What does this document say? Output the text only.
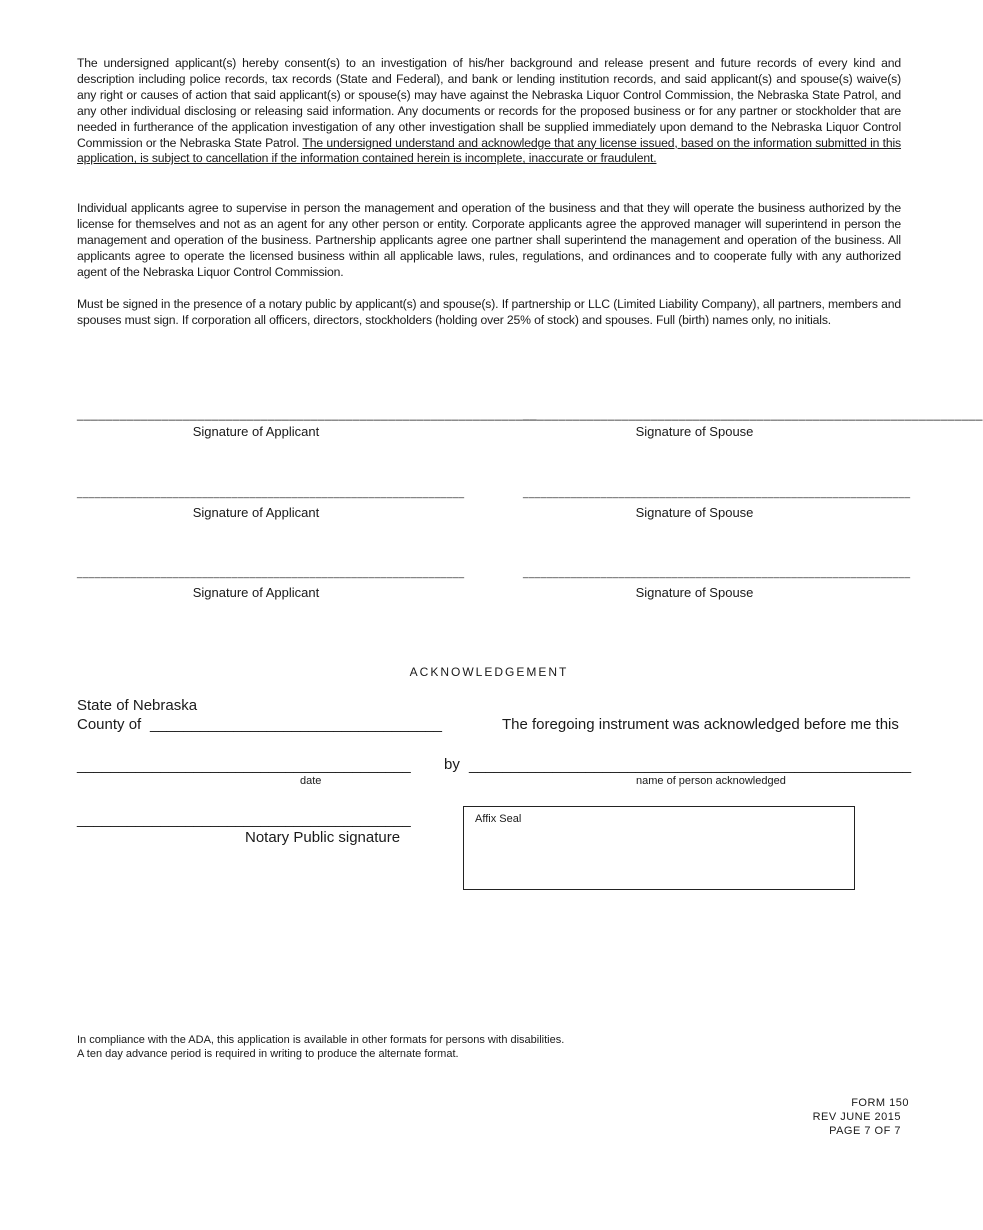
The undersigned applicant(s) hereby consent(s) to an investigation of his/her background and release present and future records of every kind and description including police records, tax records (State and Federal), and bank or lending institution records, and said applicant(s) and spouse(s) waive(s) any right or causes of action that said applicant(s) or spouse(s) may have against the Nebraska Liquor Control Commission, the Nebraska State Patrol, and any other individual disclosing or releasing said information. Any documents or records for the proposed business or for any partner or stockholder that are needed in furtherance of the application investigation of any other investigation shall be supplied immediately upon demand to the Nebraska Liquor Control Commission or the Nebraska State Patrol. The undersigned understand and acknowledge that any license issued, based on the information submitted in this application, is subject to cancellation if the information contained herein is incomplete, inaccurate or fraudulent.

Individual applicants agree to supervise in person the management and operation of the business and that they will operate the business authorized by the license for themselves and not as an agent for any other person or entity. Corporate applicants agree the approved manager will superintend in person the management and operation of the business. Partnership applicants agree one partner shall superintend the management and operation of the business. All applicants agree to operate the licensed business within all applicable laws, rules, regulations, and ordinances and to cooperate fully with any authorized agent of the Nebraska Liquor Control Commission.

Must be signed in the presence of a notary public by applicant(s) and spouse(s). If partnership or LLC (Limited Liability Company), all partners, members and spouses must sign. If corporation all officers, directors, stockholders (holding over 25% of stock) and spouses. Full (birth) names only, no initials.

_________________________________________________________________
Signature of Applicant
_________________________________________________________________
Signature of Spouse
_________________________________________________________________
Signature of Applicant
_________________________________________________________________
Signature of Spouse
_________________________________________________________________
Signature of Applicant
_________________________________________________________________
Signature of Spouse
ACKNOWLEDGEMENT
State of Nebraska
County of ___________________________________	The foregoing instrument was acknowledged before me this
________________________________________	by _____________________________________________________
date	name of person acknowledged
________________________________________
Notary Public signature
Affix Seal
In compliance with the ADA, this application is available in other formats for persons with disabilities.
A ten day advance period is required in writing to produce the alternate format.
FORM 150
REV JUNE 2015
PAGE 7 OF 7
